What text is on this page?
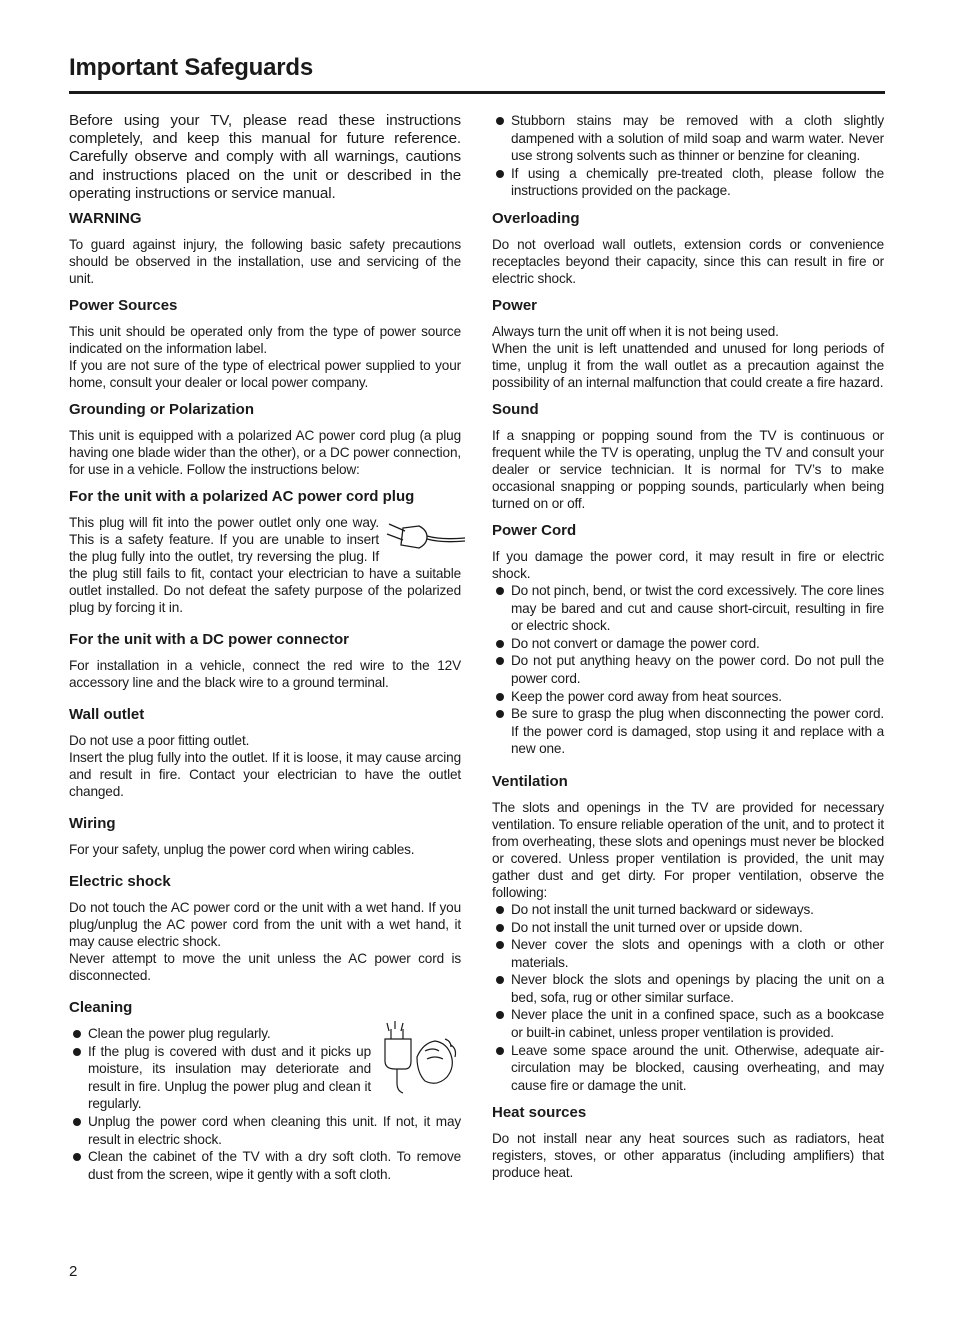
Important Safeguards

Before using your TV, please read these instructions completely, and keep this manual for future reference. Carefully observe and comply with all warnings, cautions and instructions placed on the unit or described in the operating instructions or service manual.

WARNING

To guard against injury, the following basic safety precautions should be observed in the installation, use and servicing of the unit.

Power Sources

This unit should be operated only from the type of power source indicated on the information label.

If you are not sure of the type of electrical power supplied to your home, consult your dealer or local power company.

Grounding or Polarization

This unit is equipped with a polarized AC power cord plug (a plug having one blade wider than the other), or a DC power connection, for use in a vehicle. Follow the instructions below:

For the unit with a polarized AC power cord plug

This plug will fit into the power outlet only one way. This is a safety feature. If you are unable to insert the plug fully into the outlet, try reversing the plug. If the plug still fails to fit, contact your electrician to have a suitable outlet installed. Do not defeat the safety purpose of the polarized plug by forcing it in.

For the unit with a DC power connector

For installation in a vehicle, connect the red wire to the 12V accessory line and the black wire to a ground terminal.

Wall outlet

Do not use a poor fitting outlet.

Insert the plug fully into the outlet. If it is loose, it may cause arcing and result in fire. Contact your electrician to have the outlet changed.

Wiring

For your safety, unplug the power cord when wiring cables.

Electric shock

Do not touch the AC power cord or the unit with a wet hand. If you plug/unplug the AC power cord from the unit with a wet hand, it may cause electric shock.

Never attempt to move the unit unless the AC power cord is disconnected.

Cleaning
Clean the power plug regularly.
If the plug is covered with dust and it picks up moisture, its insulation may deteriorate and result in fire. Unplug the power plug and clean it regularly.
Unplug the power cord when cleaning this unit. If not, it may result in electric shock.
Clean the cabinet of the TV with a dry soft cloth. To remove dust from the screen, wipe it gently with a soft cloth.
Stubborn stains may be removed with a cloth slightly dampened with a solution of mild soap and warm water. Never use strong solvents such as thinner or benzine for cleaning.
If using a chemically pre-treated cloth, please follow the instructions provided on the package.
Overloading

Do not overload wall outlets, extension cords or convenience receptacles beyond their capacity, since this can result in fire or electric shock.

Power

Always turn the unit off when it is not being used.

When the unit is left unattended and unused for long periods of time, unplug it from the wall outlet as a precaution against the possibility of an internal malfunction that could create a fire hazard.

Sound

If a snapping or popping sound from the TV is continuous or frequent while the TV is operating, unplug the TV and consult your dealer or service technician. It is normal for TV’s to make occasional snapping or popping sounds, particularly when being turned on or off.

Power Cord

If you damage the power cord, it may result in fire or electric shock.

Do not pinch, bend, or twist the cord excessively. The core lines may be bared and cut and cause short-circuit, resulting in fire or electric shock.
Do not convert or damage the power cord.
Do not put anything heavy on the power cord. Do not pull the power cord.
Keep the power cord away from heat sources.
Be sure to grasp the plug when disconnecting the power cord. If the power cord is damaged, stop using it and replace with a new one.
Ventilation

The slots and openings in the TV are provided for necessary ventilation. To ensure reliable operation of the unit, and to protect it from overheating, these slots and openings must never be blocked or covered. Unless proper ventilation is provided, the unit may gather dust and get dirty. For proper ventilation, observe the following:

Do not install the unit turned backward or sideways.
Do not install the unit turned over or upside down.
Never cover the slots and openings with a cloth or other materials.
Never block the slots and openings by placing the unit on a bed, sofa, rug or other similar surface.
Never place the unit in a confined space, such as a bookcase or built-in cabinet, unless proper ventilation is provided.
Leave some space around the unit. Otherwise, adequate air-circulation may be blocked, causing overheating, and may cause fire or damage the unit.
Heat sources

Do not install near any heat sources such as radiators, heat registers, stoves, or other apparatus (including amplifiers) that produce heat.

2
